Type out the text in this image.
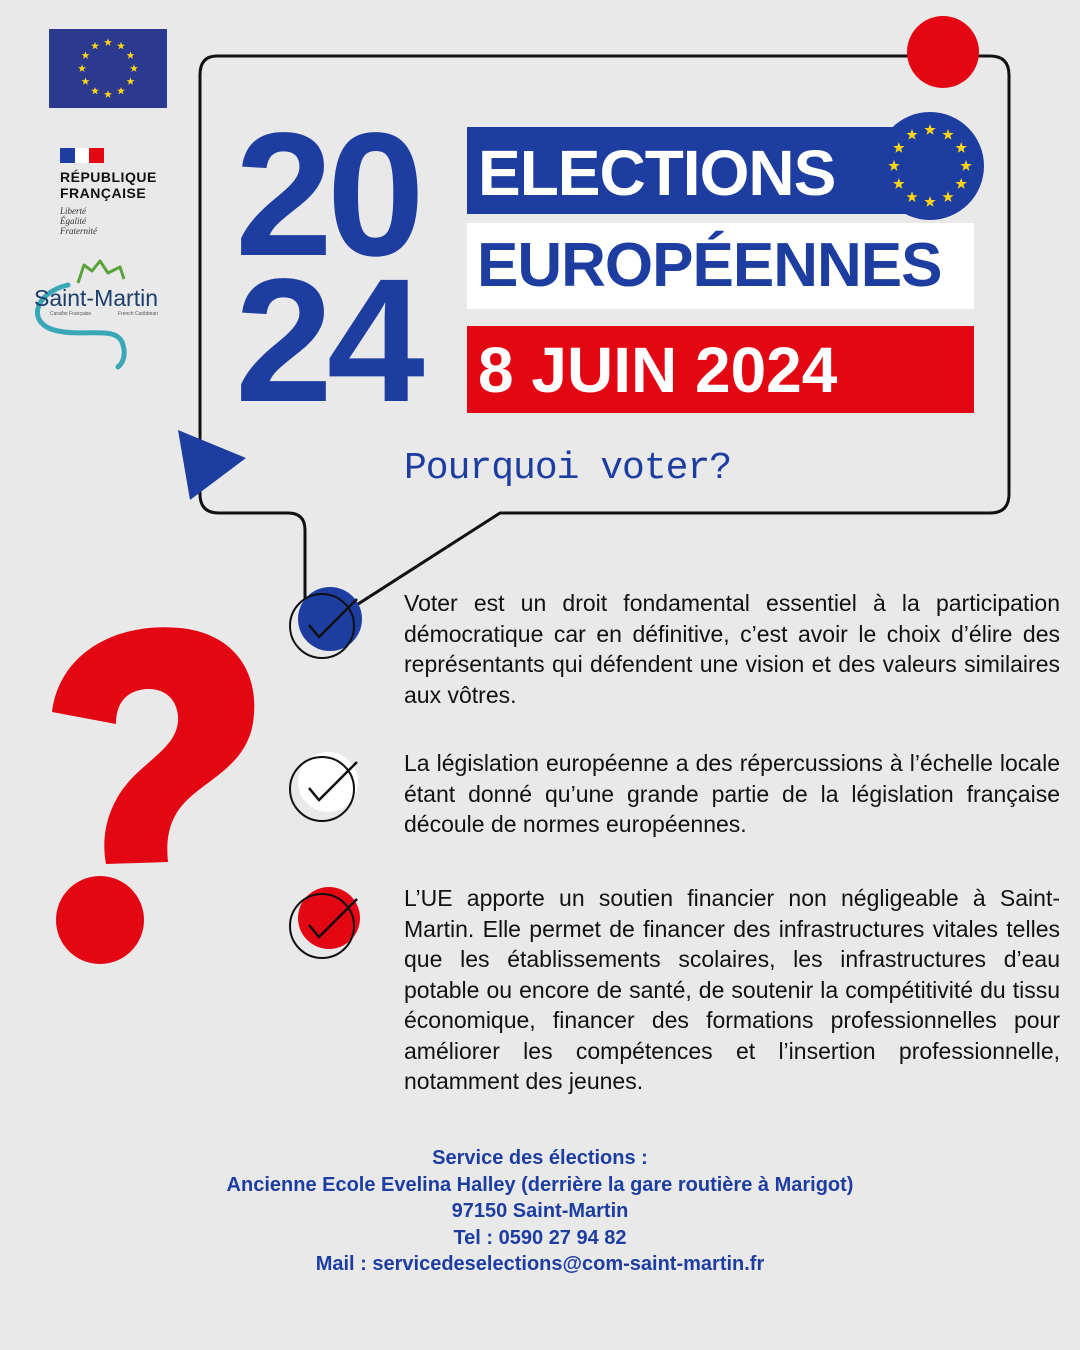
RÉPUBLIQUE
FRANÇAISE
Liberté
Égalité
Fraternité
Saint-Martin
Caraïbe Française	French Caribbean
20
24
ELECTIONS
EUROPÉENNES
8 JUIN 2024
Pourquoi voter?

Voter est un droit fondamental essentiel à la participation démocratique car en définitive, c’est avoir le choix d’élire des représentants qui défendent une vision et des valeurs similaires aux vôtres.

La législation européenne a des répercussions à l’échelle locale étant donné qu’une grande partie de la législation française découle de normes européennes.

L’UE apporte un soutien financier non négligeable à Saint-Martin. Elle permet de financer des infrastructures vitales telles que les établissements scolaires, les infrastructures d’eau potable ou encore de santé, de soutenir la compétitivité du tissu économique, financer des formations professionnelles pour améliorer les compétences et l’insertion professionnelle, notamment des jeunes.

Service des élections :
Ancienne Ecole Evelina Halley (derrière la gare routière à Marigot)
97150 Saint-Martin
Tel : 0590 27 94 82
Mail : servicedeselections@com-saint-martin.fr
